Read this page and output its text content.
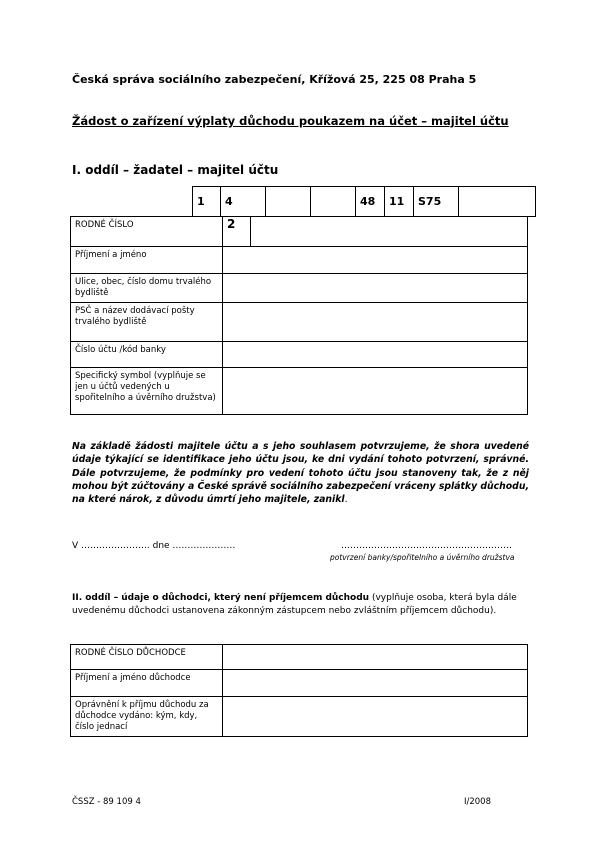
Česká správa sociálního zabezpečení, Křížová 25, 225 08 Praha 5
Žádost o zařízení výplaty důchodu poukazem na účet – majitel účtu
I. oddíl – žadatel – majitel účtu
1	4			48	11	S75	
RODNÉ ČÍSLO	2	
Příjmení a jméno		
Ulice, obec, číslo domu trvalého bydliště		
PSČ a název dodávací pošty trvalého bydliště		
Číslo účtu /kód banky		
Specifický symbol (vyplňuje se jen u účtů vedených u spořitelního a úvěrního družstva)		
Na základě žádosti majitele účtu a s jeho souhlasem potvrzujeme, že shora uvedené údaje týkající se identifikace jeho účtu jsou, ke dni vydání tohoto potvrzení, správné. Dále potvrzujeme, že podmínky pro vedení tohoto účtu jsou stanoveny tak, že z něj mohou být zúčtovány a České správě sociálního zabezpečení vráceny splátky důchodu, na které nárok, z důvodu úmrtí jeho majitele, zanikl.
V ………………….. dne …………………	…………………………………………………
potvrzení banky/spořitelního a úvěrního družstva
II. oddíl – údaje o důchodci, který není příjemcem důchodu (vyplňuje osoba, která byla dále uvedenému důchodci ustanovena zákonným zástupcem nebo zvláštním příjemcem důchodu).
RODNÉ ČÍSLO DŮCHODCE	
Příjmení a jméno důchodce	
Oprávnění k příjmu důchodu za důchodce vydáno: kým, kdy, číslo jednací	
ČSSZ - 89 109 4	I/2008
